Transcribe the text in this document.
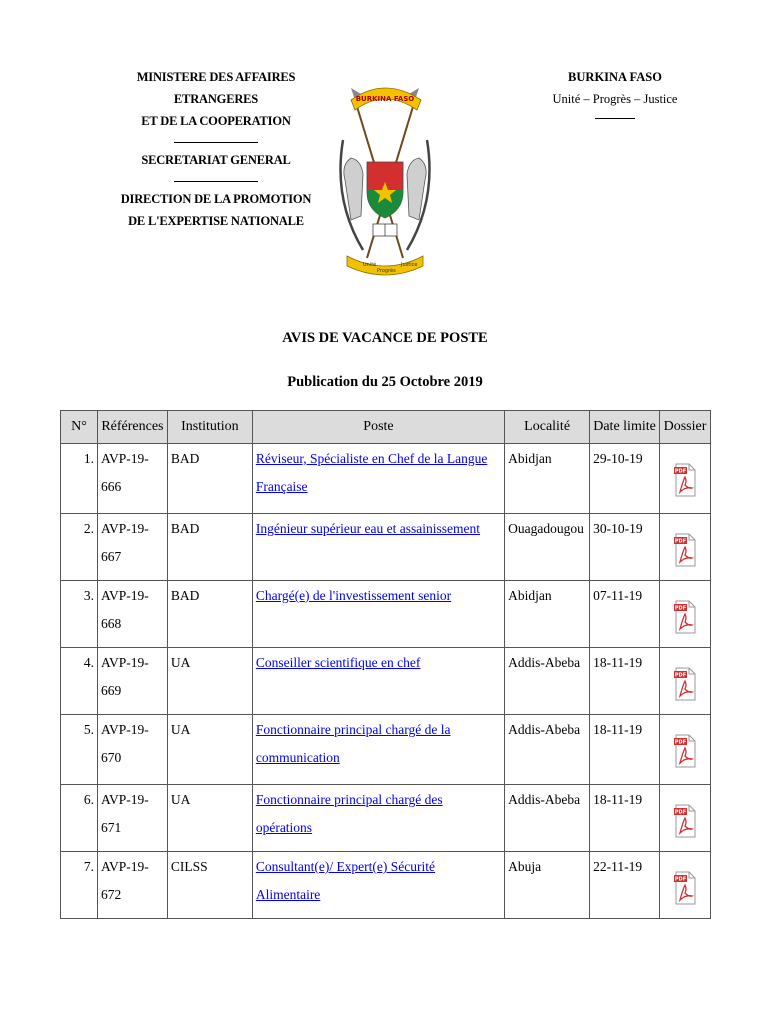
MINISTERE DES AFFAIRES ETRANGERES
ET DE LA COOPERATION
SECRETARIAT GENERAL
DIRECTION DE LA PROMOTION
DE L'EXPERTISE NATIONALE
BURKINA FASO
Unité
Progrès
Justice
BURKINA FASO
Unité – Progrès – Justice
AVIS DE VACANCE DE POSTE
Publication du 25 Octobre 2019
N°	Références	Institution	Poste	Localité	Date limite	Dossier
1.	AVP-19-666	BAD	Réviseur, Spécialiste en Chef de la Langue Française	Abidjan	29-10-19	PDF

2.	AVP-19-667	BAD	Ingénieur supérieur eau et assainissement	Ouagadougou	30-10-19	PDF

3.	AVP-19-668	BAD	Chargé(e) de l'investissement senior	Abidjan	07-11-19	PDF

4.	AVP-19-669	UA	Conseiller scientifique en chef	Addis-Abeba	18-11-19	PDF

5.	AVP-19-670	UA	Fonctionnaire principal chargé de la communication	Addis-Abeba	18-11-19	PDF

6.	AVP-19-671	UA	Fonctionnaire principal chargé des opérations	Addis-Abeba	18-11-19	PDF

7.	AVP-19-672	CILSS	Consultant(e)/ Expert(e) Sécurité Alimentaire	Abuja	22-11-19	PDF
